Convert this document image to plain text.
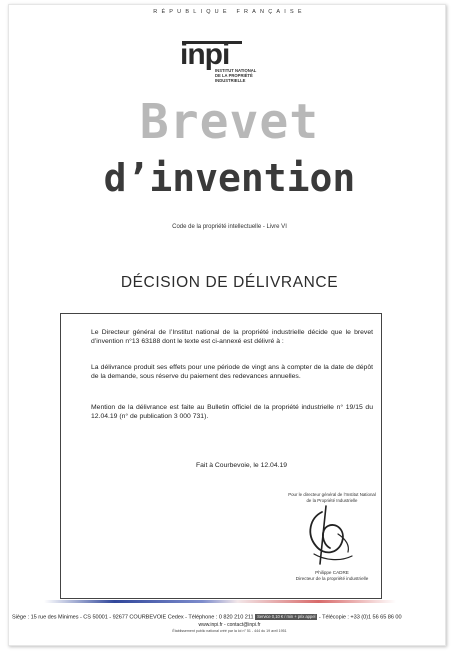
RÉPUBLIQUE FRANÇAISE
inpi
INSTITUT NATIONAL
DE LA PROPRIÉTÉ
INDUSTRIELLE
Brevet
d’invention
Code de la propriété intellectuelle - Livre VI
DÉCISION DE DÉLIVRANCE
Le Directeur général de l’Institut national de la propriété industrielle décide que le brevet d’invention n°13 63188 dont le texte est ci-annexé est délivré à :
La délivrance produit ses effets pour une période de vingt ans à compter de la date de dépôt de la demande, sous réserve du paiement des redevances annuelles.
Mention de la délivrance est faite au Bulletin officiel de la propriété industrielle n° 19/15 du 12.04.19 (n° de publication 3 000 731).
Fait à Courbevoie, le 12.04.19
Pour le directeur général de l’Institut National
de la Propriété Industrielle
Philippe CADRE
Directeur de la propriété industrielle
Siège : 15 rue des Minimes - CS 50001 - 92677 COURBEVOIE Cedex - Téléphone : 0 820 210 211 Service 0,10 € / min + prix appel - Télécopie : +33 (0)1 56 65 86 00
www.inpi.fr - contact@inpi.fr
Établissement public national créé par la loi n° 51 - 444 du 19 avril 1951
